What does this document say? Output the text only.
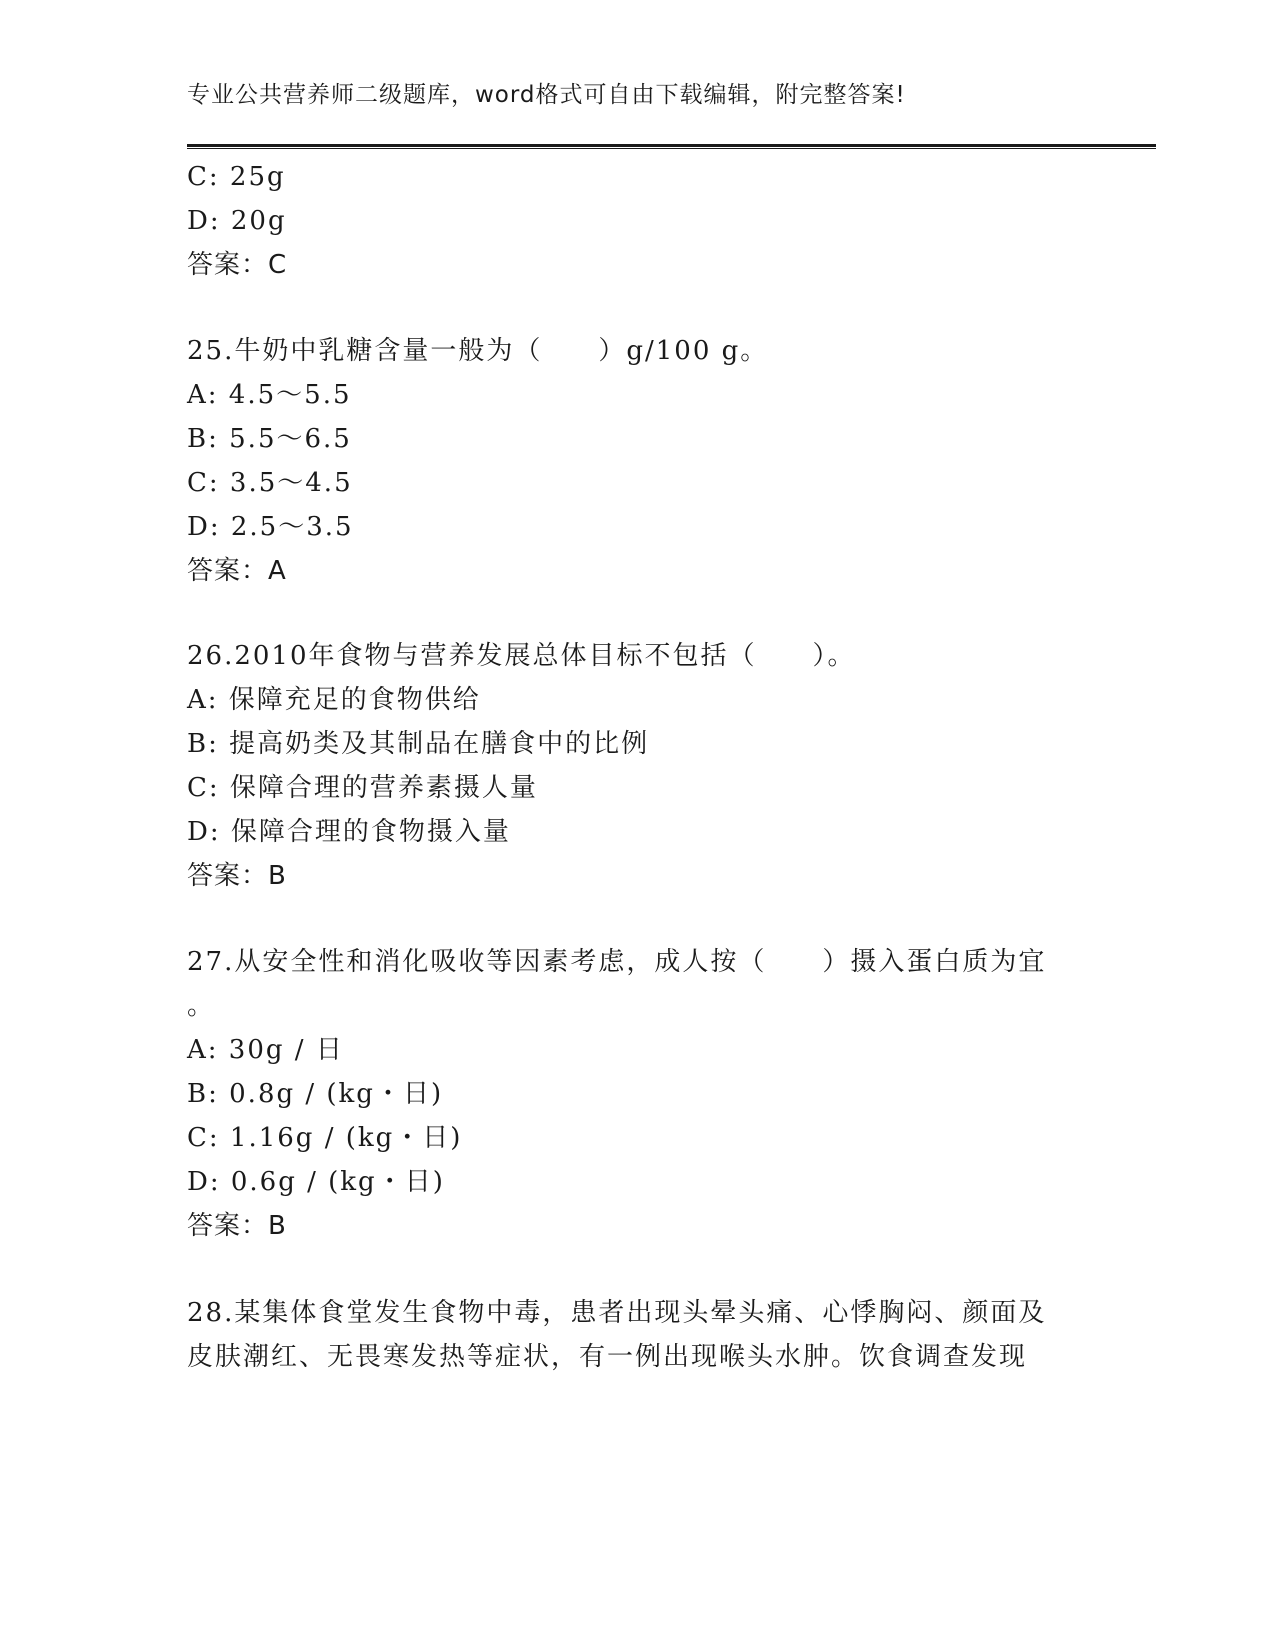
专业公共营养师二级题库，word格式可自由下载编辑，附完整答案!
C: 25g
D: 20g
答案：C
25.牛奶中乳糖含量一般为（　　）g/100 g。
A: 4.5～5.5
B: 5.5～6.5
C: 3.5～4.5
D: 2.5～3.5
答案：A
26.2010年食物与营养发展总体目标不包括（　　）。
A: 保障充足的食物供给
B: 提高奶类及其制品在膳食中的比例
C: 保障合理的营养素摄人量
D: 保障合理的食物摄入量
答案：B
27.从安全性和消化吸收等因素考虑，成人按（　　）摄入蛋白质为宜
。
A: 30g / 日
B: 0.8g / (kg・日)
C: 1.16g / (kg・日)
D: 0.6g / (kg・日)
答案：B
28.某集体食堂发生食物中毒，患者出现头晕头痛、心悸胸闷、颜面及
皮肤潮红、无畏寒发热等症状，有一例出现喉头水肿。饮食调查发现
